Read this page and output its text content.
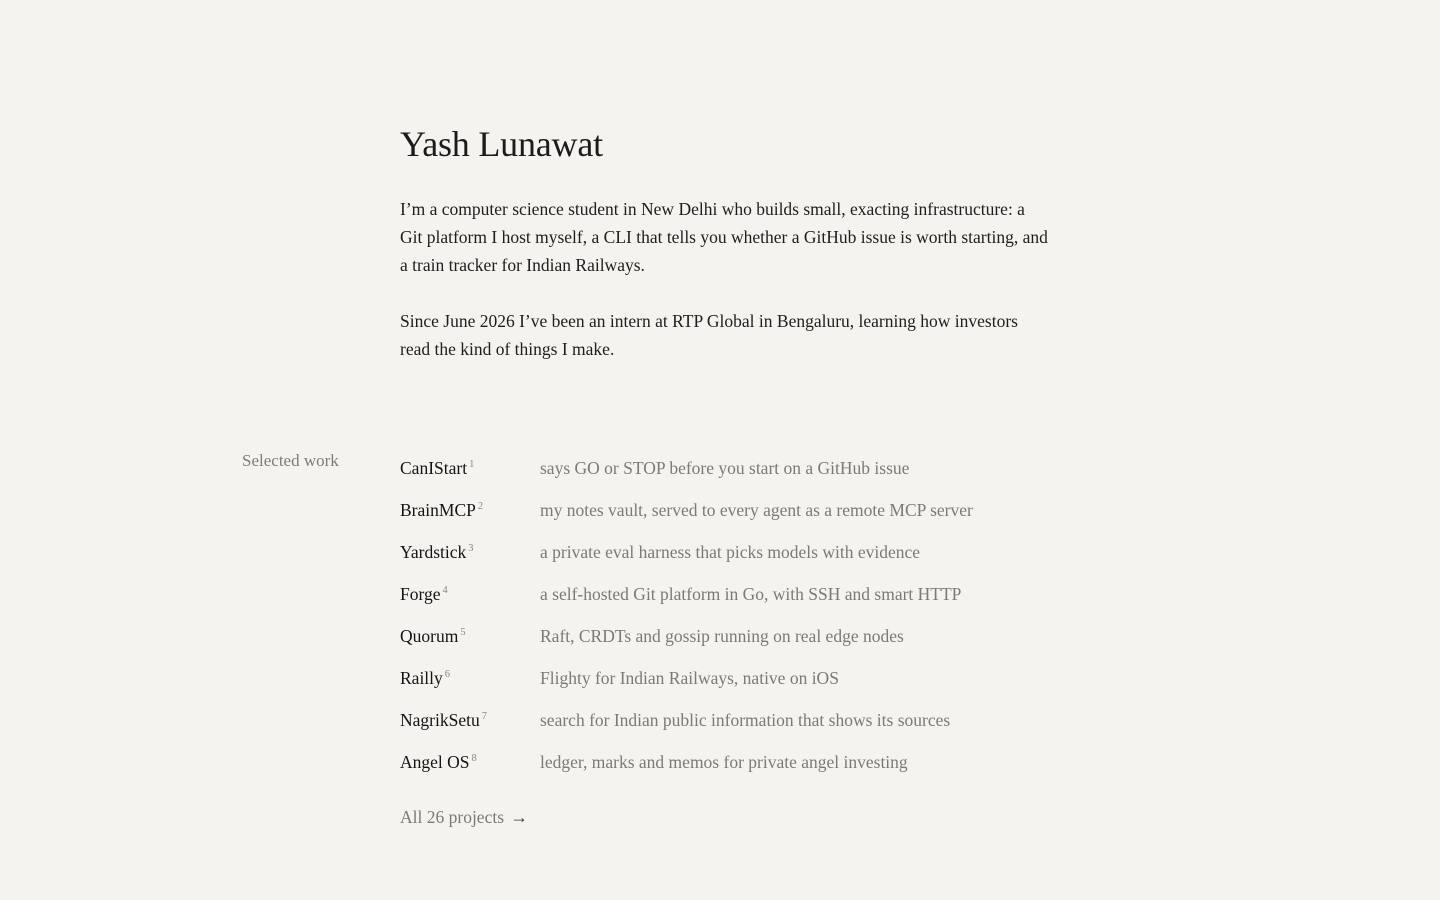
Yash Lunawat

I’m a computer science student in New Delhi who builds small, exacting infrastructure: a Git platform I host myself, a CLI that tells you whether a GitHub issue is worth starting, and a train tracker for Indian Railways.

Since June 2026 I’ve been an intern at RTP Global in Bengaluru, learning how investors read the kind of things I make.

Selected work	CanIStart $^1$	says GO or STOP before you start on a GitHub issue
BrainMCP $^2$	my notes vault, served to every agent as a remote MCP server
Yardstick $^3$	a private eval harness that picks models with evidence
Forge $^4$	a self-hosted Git platform in Go, with SSH and smart HTTP
Quorum $^5$	Raft, CRDTs and gossip running on real edge nodes
Railly $^6$	Flighty for Indian Railways, native on iOS
NagrikSetu $^7$	search for Indian public information that shows its sources
Angel OS $^8$	ledger, marks and memos for private angel investing
All 26 projects →
